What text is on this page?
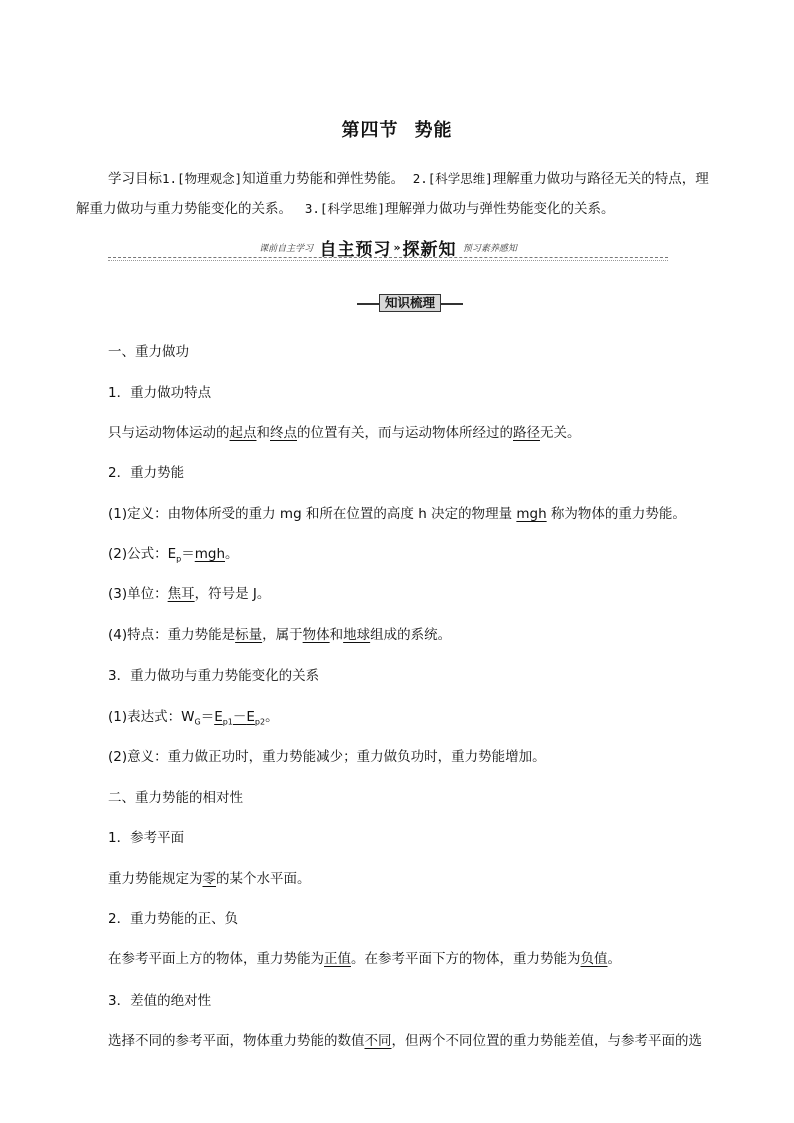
第四节 势能
学习目标1.[物理观念]知道重力势能和弹性势能。 2.[科学思维]理解重力做功与路径无关的特点，理解重力做功与重力势能变化的关系。 3.[科学思维]理解弹力做功与弹性势能变化的关系。
课前自主学习 自主预习 » 探新知 预习素养感知
知识梳理
一、重力做功
1．重力做功特点
只与运动物体运动的起点和终点的位置有关，而与运动物体所经过的路径无关。
2．重力势能
(1)定义：由物体所受的重力 mg 和所在位置的高度 h 决定的物理量 mgh 称为物体的重力势能。
(2)公式：$E_p=mgh$。
(3)单位：焦耳，符号是 J。
(4)特点：重力势能是标量，属于物体和地球组成的系统。
3．重力做功与重力势能变化的关系
(1)表达式：$W_G=E_{p1}-E_{p2}$。
(2)意义：重力做正功时，重力势能减少；重力做负功时，重力势能增加。
二、重力势能的相对性
1．参考平面
重力势能规定为零的某个水平面。
2．重力势能的正、负
在参考平面上方的物体，重力势能为正值。在参考平面下方的物体，重力势能为负值。
3．差值的绝对性
选择不同的参考平面，物体重力势能的数值不同，但两个不同位置的重力势能差值，与参考平面的选
